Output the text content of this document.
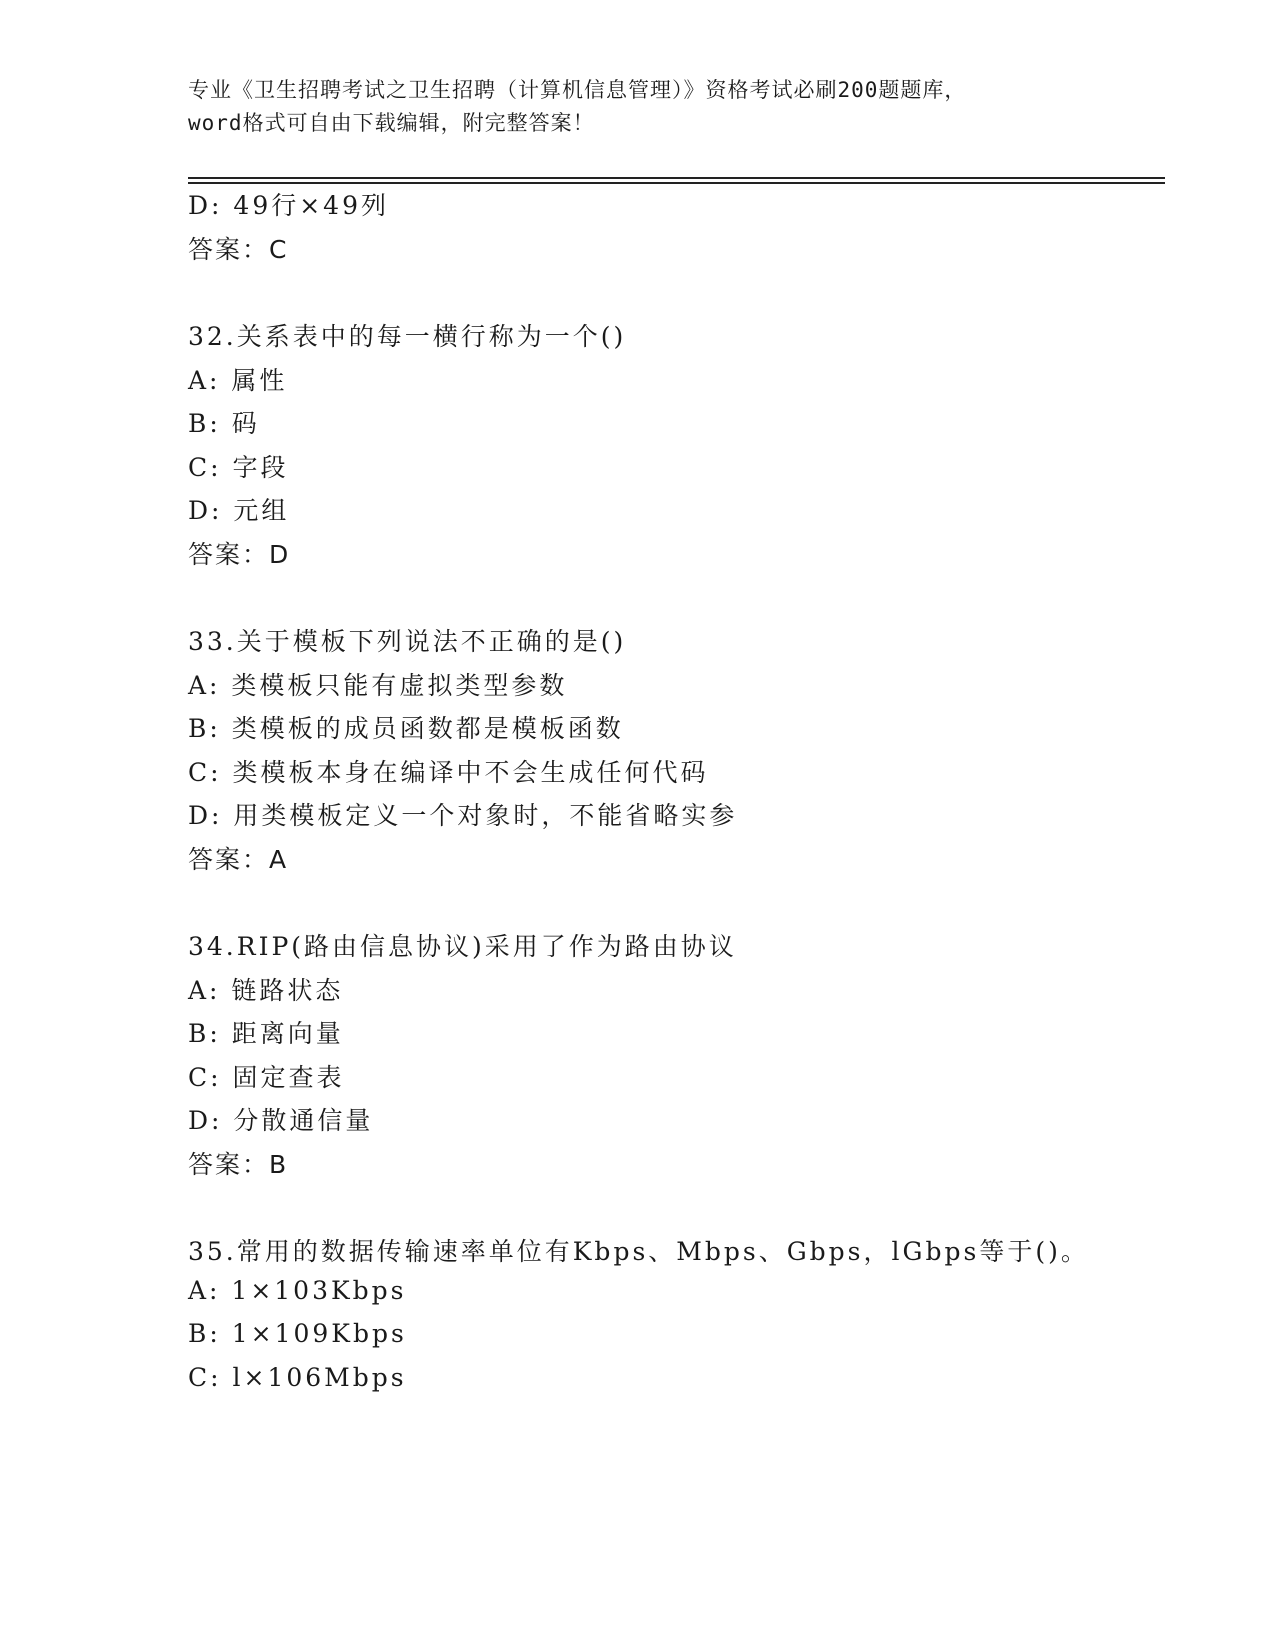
专业《卫生招聘考试之卫生招聘（计算机信息管理）》资格考试必刷200题题库，
word格式可自由下载编辑，附完整答案！
D: 49行×49列
答案：C
32.关系表中的每一横行称为一个()
A: 属性
B: 码
C: 字段
D: 元组
答案：D
33.关于模板下列说法不正确的是()
A: 类模板只能有虚拟类型参数
B: 类模板的成员函数都是模板函数
C: 类模板本身在编译中不会生成任何代码
D: 用类模板定义一个对象时，不能省略实参
答案：A
34.RIP(路由信息协议)采用了作为路由协议
A: 链路状态
B: 距离向量
C: 固定查表
D: 分散通信量
答案：B
35.常用的数据传输速率单位有Kbps、Mbps、Gbps，lGbps等于()。
A: 1×103Kbps
B: 1×109Kbps
C: l×106Mbps
